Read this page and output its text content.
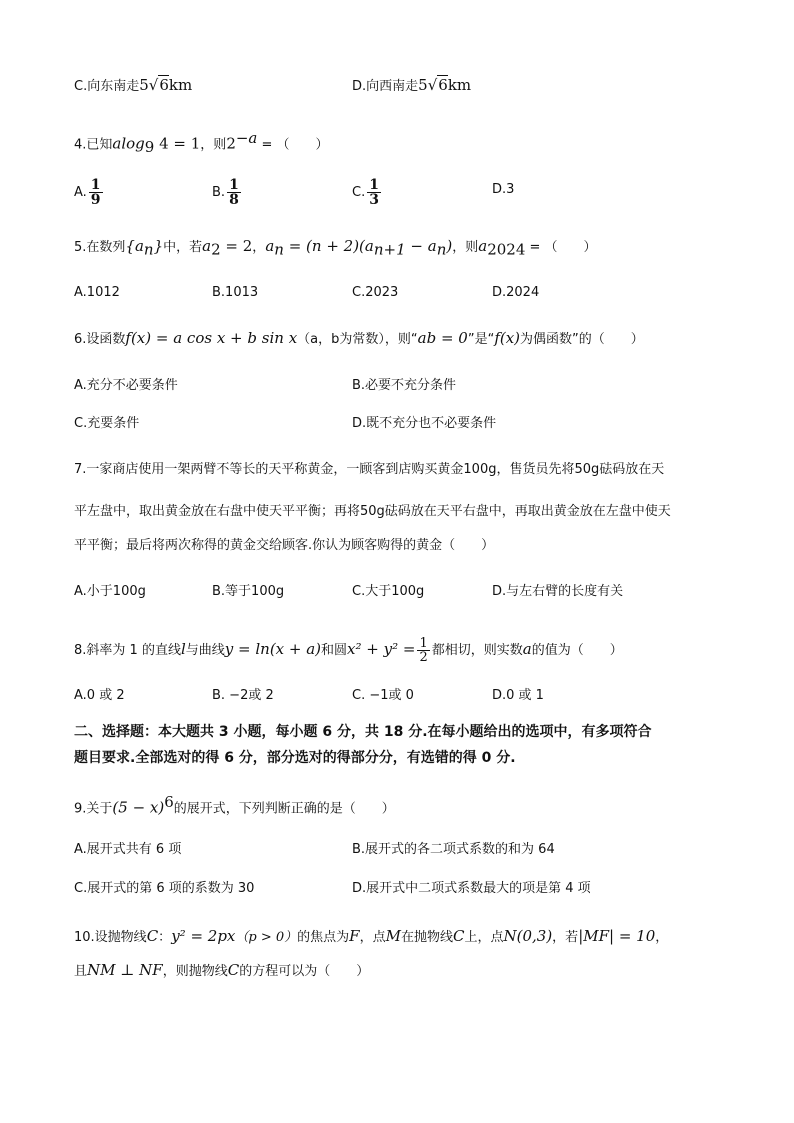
C.向东南走5√6km	D.向西南走5√6km
4.已知alog$_9$ 4 = 1，则$2^{-a}$ = （　　）
A. $\frac{1}{9}$	B. $\frac{1}{8}$	C. $\frac{1}{3}$	D.3
5.在数列$\{a_n\}$中，若$a_2 = 2$，$a_n = (n + 2)(a_{n+1} - a_n)$，则$a_{2024}$ = （　　）
A.1012	B.1013	C.2023	D.2024
6.设函数f(x) = a cos x + b sin x（a，b为常数），则“ab = 0”是“f(x)为偶函数”的（　　）
A.充分不必要条件	B.必要不充分条件
C.充要条件	D.既不充分也不必要条件
7.一家商店使用一架两臂不等长的天平称黄金，一顾客到店购买黄金100g，售货员先将50g砝码放在天
平左盘中，取出黄金放在右盘中使天平平衡；再将50g砝码放在天平右盘中，再取出黄金放在左盘中使天
平平衡；最后将两次称得的黄金交给顾客.你认为顾客购得的黄金（　　）
A.小于100g	B.等于100g	C.大于100g	D.与左右臂的长度有关
8.斜率为 1 的直线l与曲线y = ln(x + a)和圆$x^2 + y^2 = \frac{1}{2}$ 都相切，则实数a的值为（　　）
A.0 或 2	B. −2或 2	C. −1或 0	D.0 或 1
二、选择题：本大题共 3 小题，每小题 6 分，共 18 分.在每小题给出的选项中，有多项符合
题目要求.全部选对的得 6 分，部分选对的得部分分，有选错的得 0 分.
9.关于$(5 - x)^6$的展开式，下列判断正确的是（　　）
A.展开式共有 6 项	B.展开式的各二项式系数的和为 64
C.展开式的第 6 项的系数为 30	D.展开式中二项式系数最大的项是第 4 项
10.设抛物线C：y² = 2px（p > 0）的焦点为F，点M在抛物线C上，点N(0,3)，若|MF| = 10，
且NM ⊥ NF，则抛物线C的方程可以为（　　）
